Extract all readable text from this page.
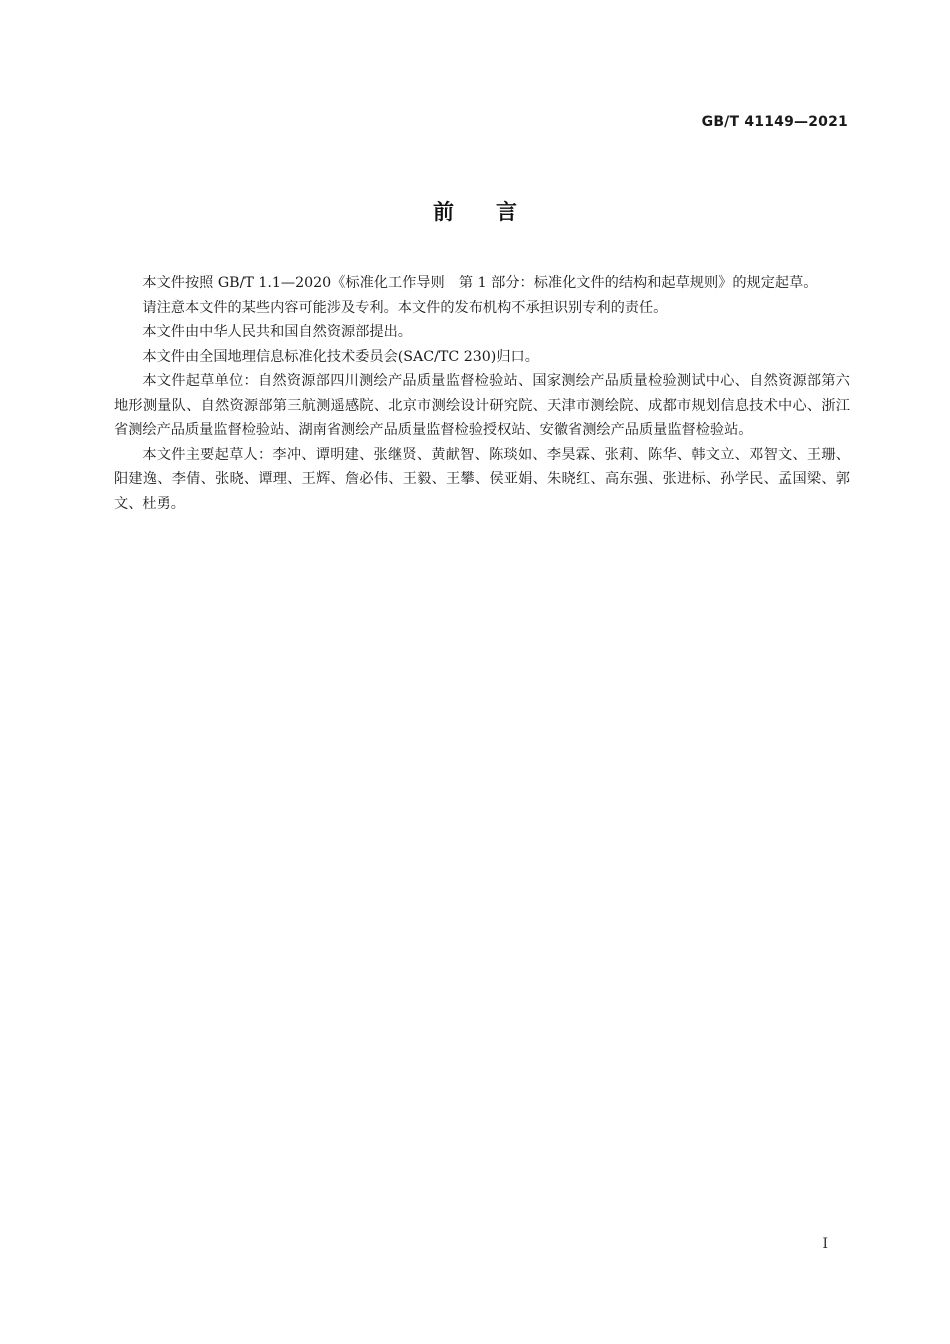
GB/T 41149—2021
前　　言

本文件按照 GB/T 1.1—2020《标准化工作导则　第 1 部分：标准化文件的结构和起草规则》的规定起草。

请注意本文件的某些内容可能涉及专利。本文件的发布机构不承担识别专利的责任。

本文件由中华人民共和国自然资源部提出。

本文件由全国地理信息标准化技术委员会(SAC/TC 230)归口。

本文件起草单位：自然资源部四川测绘产品质量监督检验站、国家测绘产品质量检验测试中心、自然资源部第六地形测量队、自然资源部第三航测遥感院、北京市测绘设计研究院、天津市测绘院、成都市规划信息技术中心、浙江省测绘产品质量监督检验站、湖南省测绘产品质量监督检验授权站、安徽省测绘产品质量监督检验站。

本文件主要起草人：李冲、谭明建、张继贤、黄献智、陈琰如、李昊霖、张莉、陈华、韩文立、邓智文、王珊、阳建逸、李倩、张晓、谭理、王辉、詹必伟、王毅、王攀、侯亚娟、朱晓红、高东强、张进标、孙学民、孟国梁、郭文、杜勇。

I
